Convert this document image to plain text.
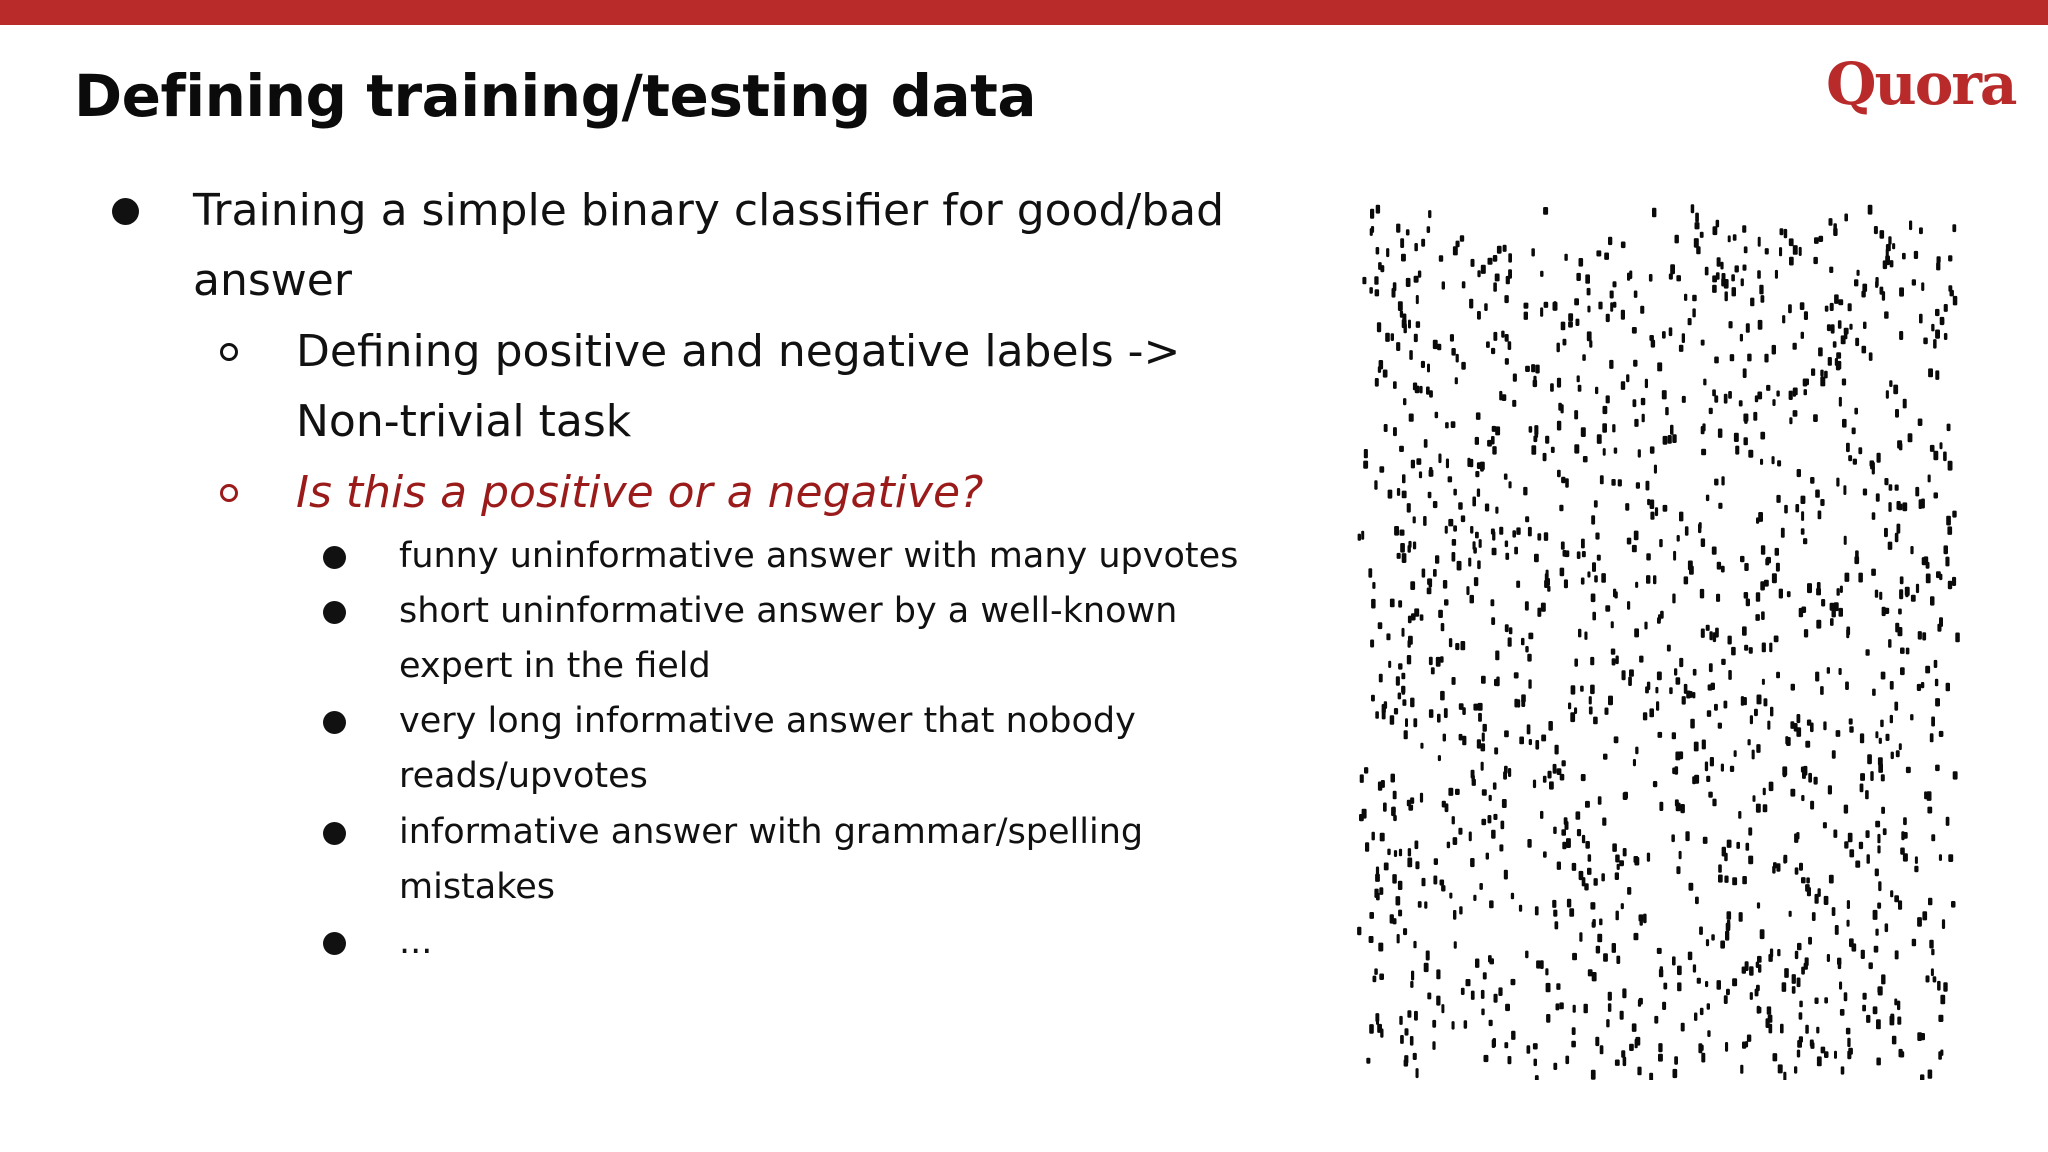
Defining training/testing data	Quora
Training a simple binary classifier for good/bad
answer
Defining positive and negative labels ->
Non-trivial task
Is this a positive or a negative?
funny uninformative answer with many upvotes
short uninformative answer by a well-known
expert in the field
very long informative answer that nobody
reads/upvotes
informative answer with grammar/spelling
mistakes
...
